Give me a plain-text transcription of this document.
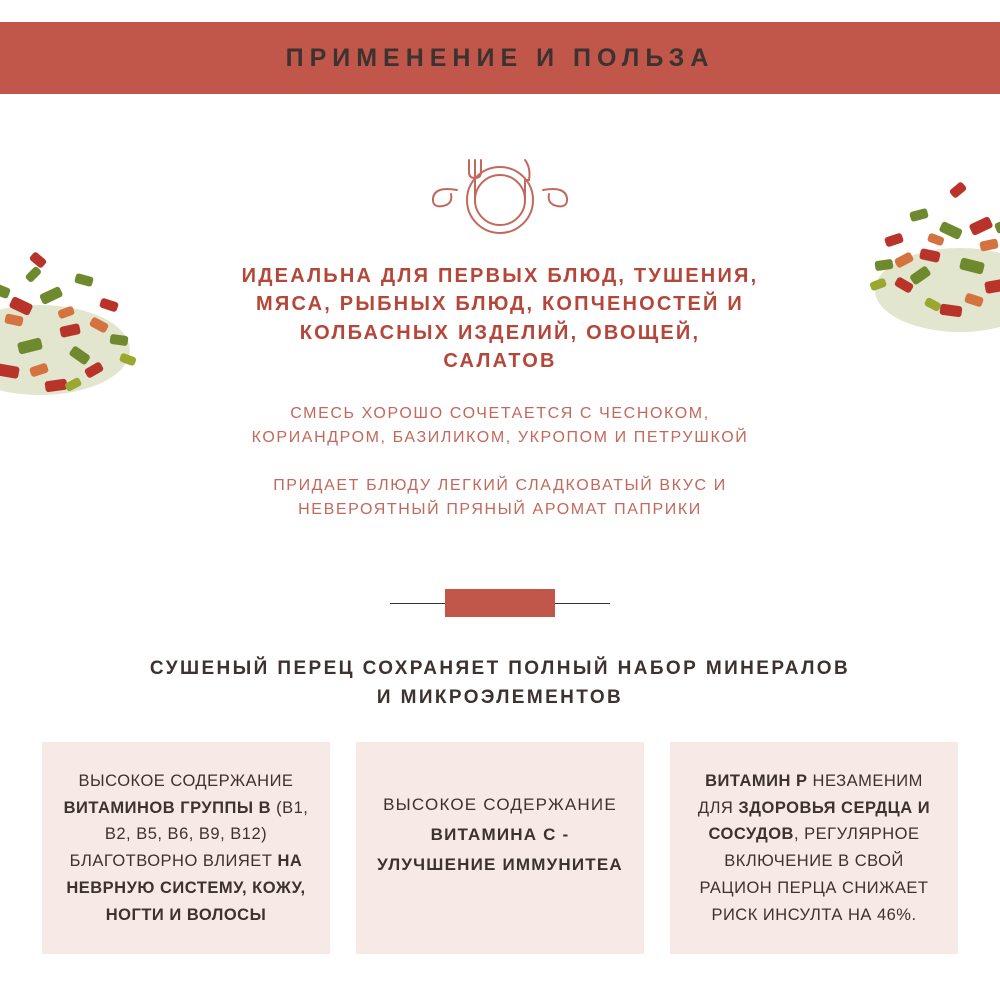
ПРИМЕНЕНИЕ И ПОЛЬЗА

ИДЕАЛЬНА ДЛЯ ПЕРВЫХ БЛЮД, ТУШЕНИЯ, МЯСА, РЫБНЫХ БЛЮД, КОПЧЕНОСТЕЙ И КОЛБАСНЫХ ИЗДЕЛИЙ, ОВОЩЕЙ, САЛАТОВ

СМЕСЬ ХОРОШО СОЧЕТАЕТСЯ С ЧЕСНОКОМ, КОРИАНДРОМ, БАЗИЛИКОМ, УКРОПОМ И ПЕТРУШКОЙ

ПРИДАЕТ БЛЮДУ ЛЕГКИЙ СЛАДКОВАТЫЙ ВКУС И НЕВЕРОЯТНЫЙ ПРЯНЫЙ АРОМАТ ПАПРИКИ

СУШЕНЫЙ ПЕРЕЦ СОХРАНЯЕТ ПОЛНЫЙ НАБОР МИНЕРАЛОВ И МИКРОЭЛЕМЕНТОВ

ВЫСОКОЕ СОДЕРЖАНИЕ ВИТАМИНОВ ГРУППЫ В (В1, В2, В5, В6, В9, В12) БЛАГОТВОРНО ВЛИЯЕТ НА НЕВРНУЮ СИСТЕМУ, КОЖУ, НОГТИ И ВОЛОСЫ

ВЫСОКОЕ СОДЕРЖАНИЕ ВИТАМИНА С - УЛУЧШЕНИЕ ИММУНИТЕА

ВИТАМИН Р НЕЗАМЕНИМ ДЛЯ ЗДОРОВЬЯ СЕРДЦА И СОСУДОВ, РЕГУЛЯРНОЕ ВКЛЮЧЕНИЕ В СВОЙ РАЦИОН ПЕРЦА СНИЖАЕТ РИСК ИНСУЛТА НА 46%.
